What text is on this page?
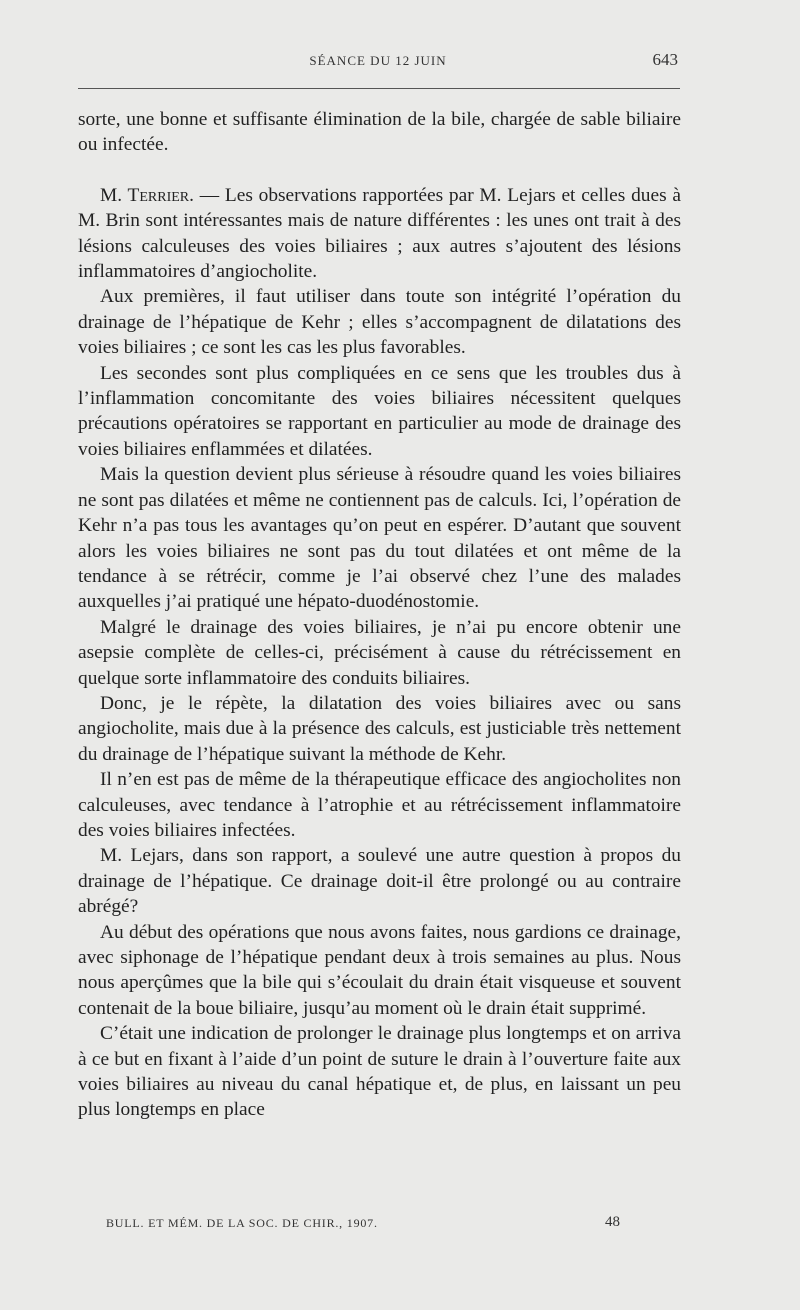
SÉANCE DU 12 JUIN	643

sorte, une bonne et suffisante élimination de la bile, chargée de sable biliaire ou infectée.

M. Terrier. — Les observations rapportées par M. Lejars et celles dues à M. Brin sont intéressantes mais de nature différentes : les unes ont trait à des lésions calculeuses des voies biliaires ; aux autres s’ajoutent des lésions inflammatoires d’angiocholite.

Aux premières, il faut utiliser dans toute son intégrité l’opération du drainage de l’hépatique de Kehr ; elles s’accompagnent de dilatations des voies biliaires ; ce sont les cas les plus favorables.

Les secondes sont plus compliquées en ce sens que les troubles dus à l’inflammation concomitante des voies biliaires nécessitent quelques précautions opératoires se rapportant en particulier au mode de drainage des voies biliaires enflammées et dilatées.

Mais la question devient plus sérieuse à résoudre quand les voies biliaires ne sont pas dilatées et même ne contiennent pas de calculs. Ici, l’opération de Kehr n’a pas tous les avantages qu’on peut en espérer. D’autant que souvent alors les voies biliaires ne sont pas du tout dilatées et ont même de la tendance à se rétrécir, comme je l’ai observé chez l’une des malades auxquelles j’ai pratiqué une hépato-duodénostomie.

Malgré le drainage des voies biliaires, je n’ai pu encore obtenir une asepsie complète de celles-ci, précisément à cause du rétrécissement en quelque sorte inflammatoire des conduits biliaires.

Donc, je le répète, la dilatation des voies biliaires avec ou sans angiocholite, mais due à la présence des calculs, est justiciable très nettement du drainage de l’hépatique suivant la méthode de Kehr.

Il n’en est pas de même de la thérapeutique efficace des angiocholites non calculeuses, avec tendance à l’atrophie et au rétrécissement inflammatoire des voies biliaires infectées.

M. Lejars, dans son rapport, a soulevé une autre question à propos du drainage de l’hépatique. Ce drainage doit-il être prolongé ou au contraire abrégé?

Au début des opérations que nous avons faites, nous gardions ce drainage, avec siphonage de l’hépatique pendant deux à trois semaines au plus. Nous nous aperçûmes que la bile qui s’écoulait du drain était visqueuse et souvent contenait de la boue biliaire, jusqu’au moment où le drain était supprimé.

C’était une indication de prolonger le drainage plus longtemps et on arriva à ce but en fixant à l’aide d’un point de suture le drain à l’ouverture faite aux voies biliaires au niveau du canal hépatique et, de plus, en laissant un peu plus longtemps en place

BULL. ET MÉM. DE LA SOC. DE CHIR., 1907.	48
